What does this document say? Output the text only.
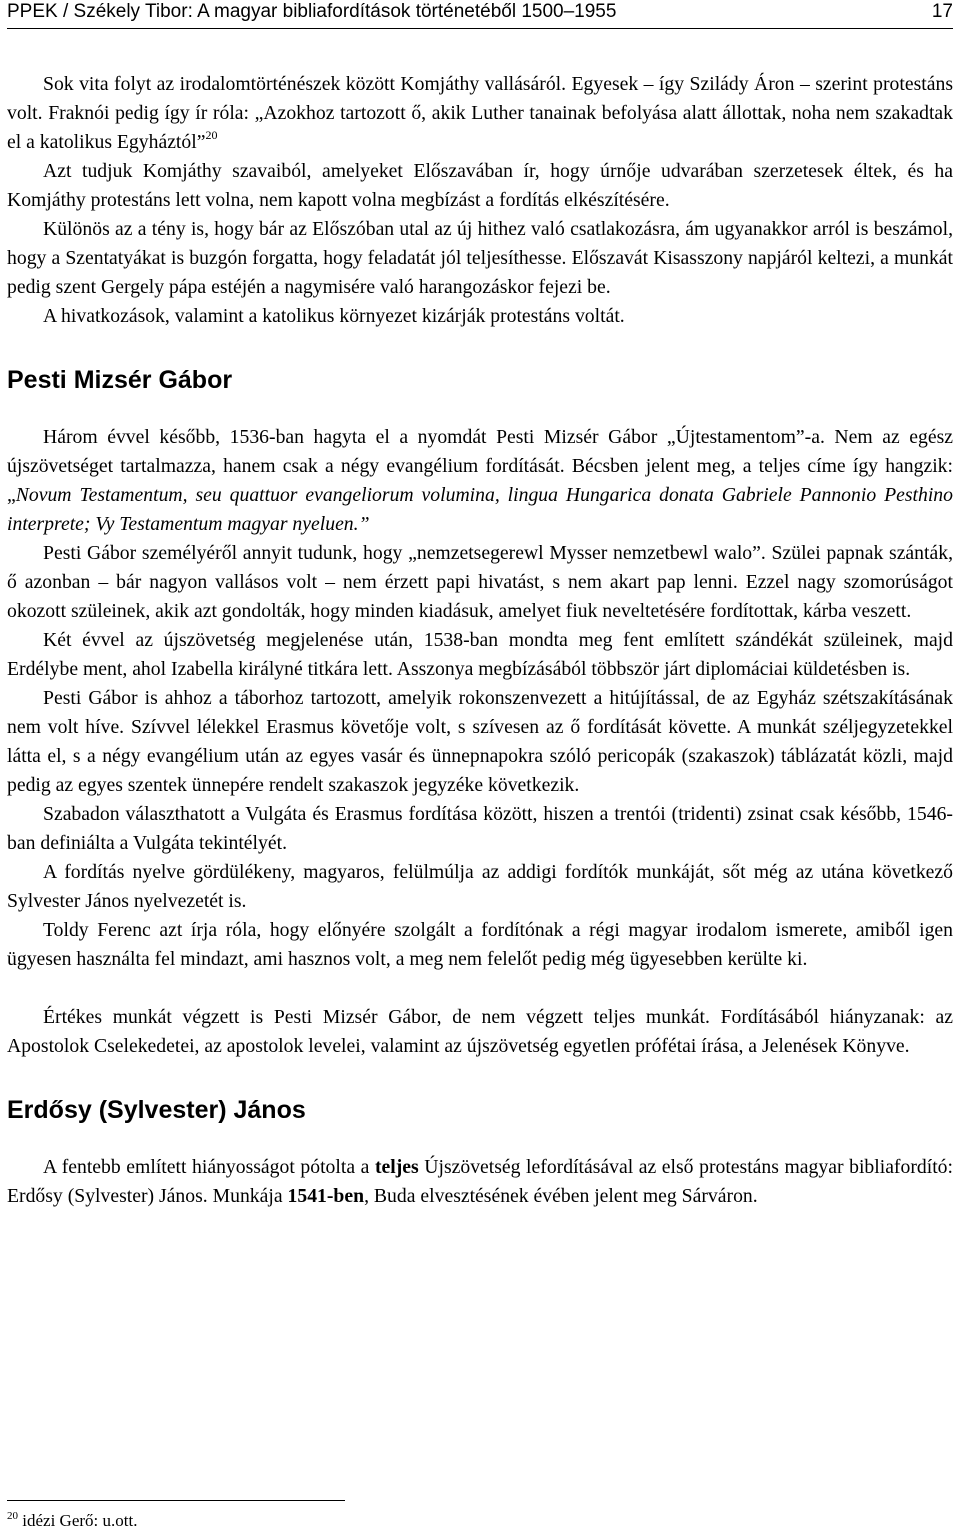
PPEK / Székely Tibor: A magyar bibliafordítások történetéből 1500–1955	17

Sok vita folyt az irodalomtörténészek között Komjáthy vallásáról. Egyesek – így Szilády Áron – szerint protestáns volt. Fraknói pedig így ír róla: „Azokhoz tartozott ő, akik Luther tanainak befolyása alatt állottak, noha nem szakadtak el a katolikus Egyháztól”$^{20}$

Azt tudjuk Komjáthy szavaiból, amelyeket Előszavában ír, hogy úrnője udvarában szerzetesek éltek, és ha Komjáthy protestáns lett volna, nem kapott volna megbízást a fordítás elkészítésére.

Különös az a tény is, hogy bár az Előszóban utal az új hithez való csatlakozásra, ám ugyanakkor arról is beszámol, hogy a Szentatyákat is buzgón forgatta, hogy feladatát jól teljesíthesse. Előszavát Kisasszony napjáról keltezi, a munkát pedig szent Gergely pápa estéjén a nagymisére való harangozáskor fejezi be.

A hivatkozások, valamint a katolikus környezet kizárják protestáns voltát.

Pesti Mizsér Gábor

Három évvel később, 1536-ban hagyta el a nyomdát Pesti Mizsér Gábor „Újtestamentom”-a. Nem az egész újszövetséget tartalmazza, hanem csak a négy evangélium fordítását. Bécsben jelent meg, a teljes címe így hangzik: „Novum Testamentum, seu quattuor evangeliorum volumina, lingua Hungarica donata Gabriele Pannonio Pesthino interprete; Vy Testamentum magyar nyeluen.”

Pesti Gábor személyéről annyit tudunk, hogy „nemzetsegerewl Mysser nemzetbewl walo”. Szülei papnak szánták, ő azonban – bár nagyon vallásos volt – nem érzett papi hivatást, s nem akart pap lenni. Ezzel nagy szomorúságot okozott szüleinek, akik azt gondolták, hogy minden kiadásuk, amelyet fiuk neveltetésére fordítottak, kárba veszett.

Két évvel az újszövetség megjelenése után, 1538-ban mondta meg fent említett szándékát szüleinek, majd Erdélybe ment, ahol Izabella királyné titkára lett. Asszonya megbízásából többször járt diplomáciai küldetésben is.

Pesti Gábor is ahhoz a táborhoz tartozott, amelyik rokonszenvezett a hitújítással, de az Egyház szétszakításának nem volt híve. Szívvel lélekkel Erasmus követője volt, s szívesen az ő fordítását követte. A munkát széljegyzetekkel látta el, s a négy evangélium után az egyes vasár és ünnepnapokra szóló pericopák (szakaszok) táblázatát közli, majd pedig az egyes szentek ünnepére rendelt szakaszok jegyzéke következik.

Szabadon választhatott a Vulgáta és Erasmus fordítása között, hiszen a trentói (tridenti) zsinat csak később, 1546-ban definiálta a Vulgáta tekintélyét.

A fordítás nyelve gördülékeny, magyaros, felülmúlja az addigi fordítók munkáját, sőt még az utána következő Sylvester János nyelvezetét is.

Toldy Ferenc azt írja róla, hogy előnyére szolgált a fordítónak a régi magyar irodalom ismerete, amiből igen ügyesen használta fel mindazt, ami hasznos volt, a meg nem felelőt pedig még ügyesebben kerülte ki.

Értékes munkát végzett is Pesti Mizsér Gábor, de nem végzett teljes munkát. Fordításából hiányzanak: az Apostolok Cselekedetei, az apostolok levelei, valamint az újszövetség egyetlen prófétai írása, a Jelenések Könyve.

Erdősy (Sylvester) János

A fentebb említett hiányosságot pótolta a teljes Újszövetség lefordításával az első protestáns magyar bibliafordító: Erdősy (Sylvester) János. Munkája 1541-ben, Buda elvesztésének évében jelent meg Sárváron.

$^{20}$ idézi Gerő: u.ott.
